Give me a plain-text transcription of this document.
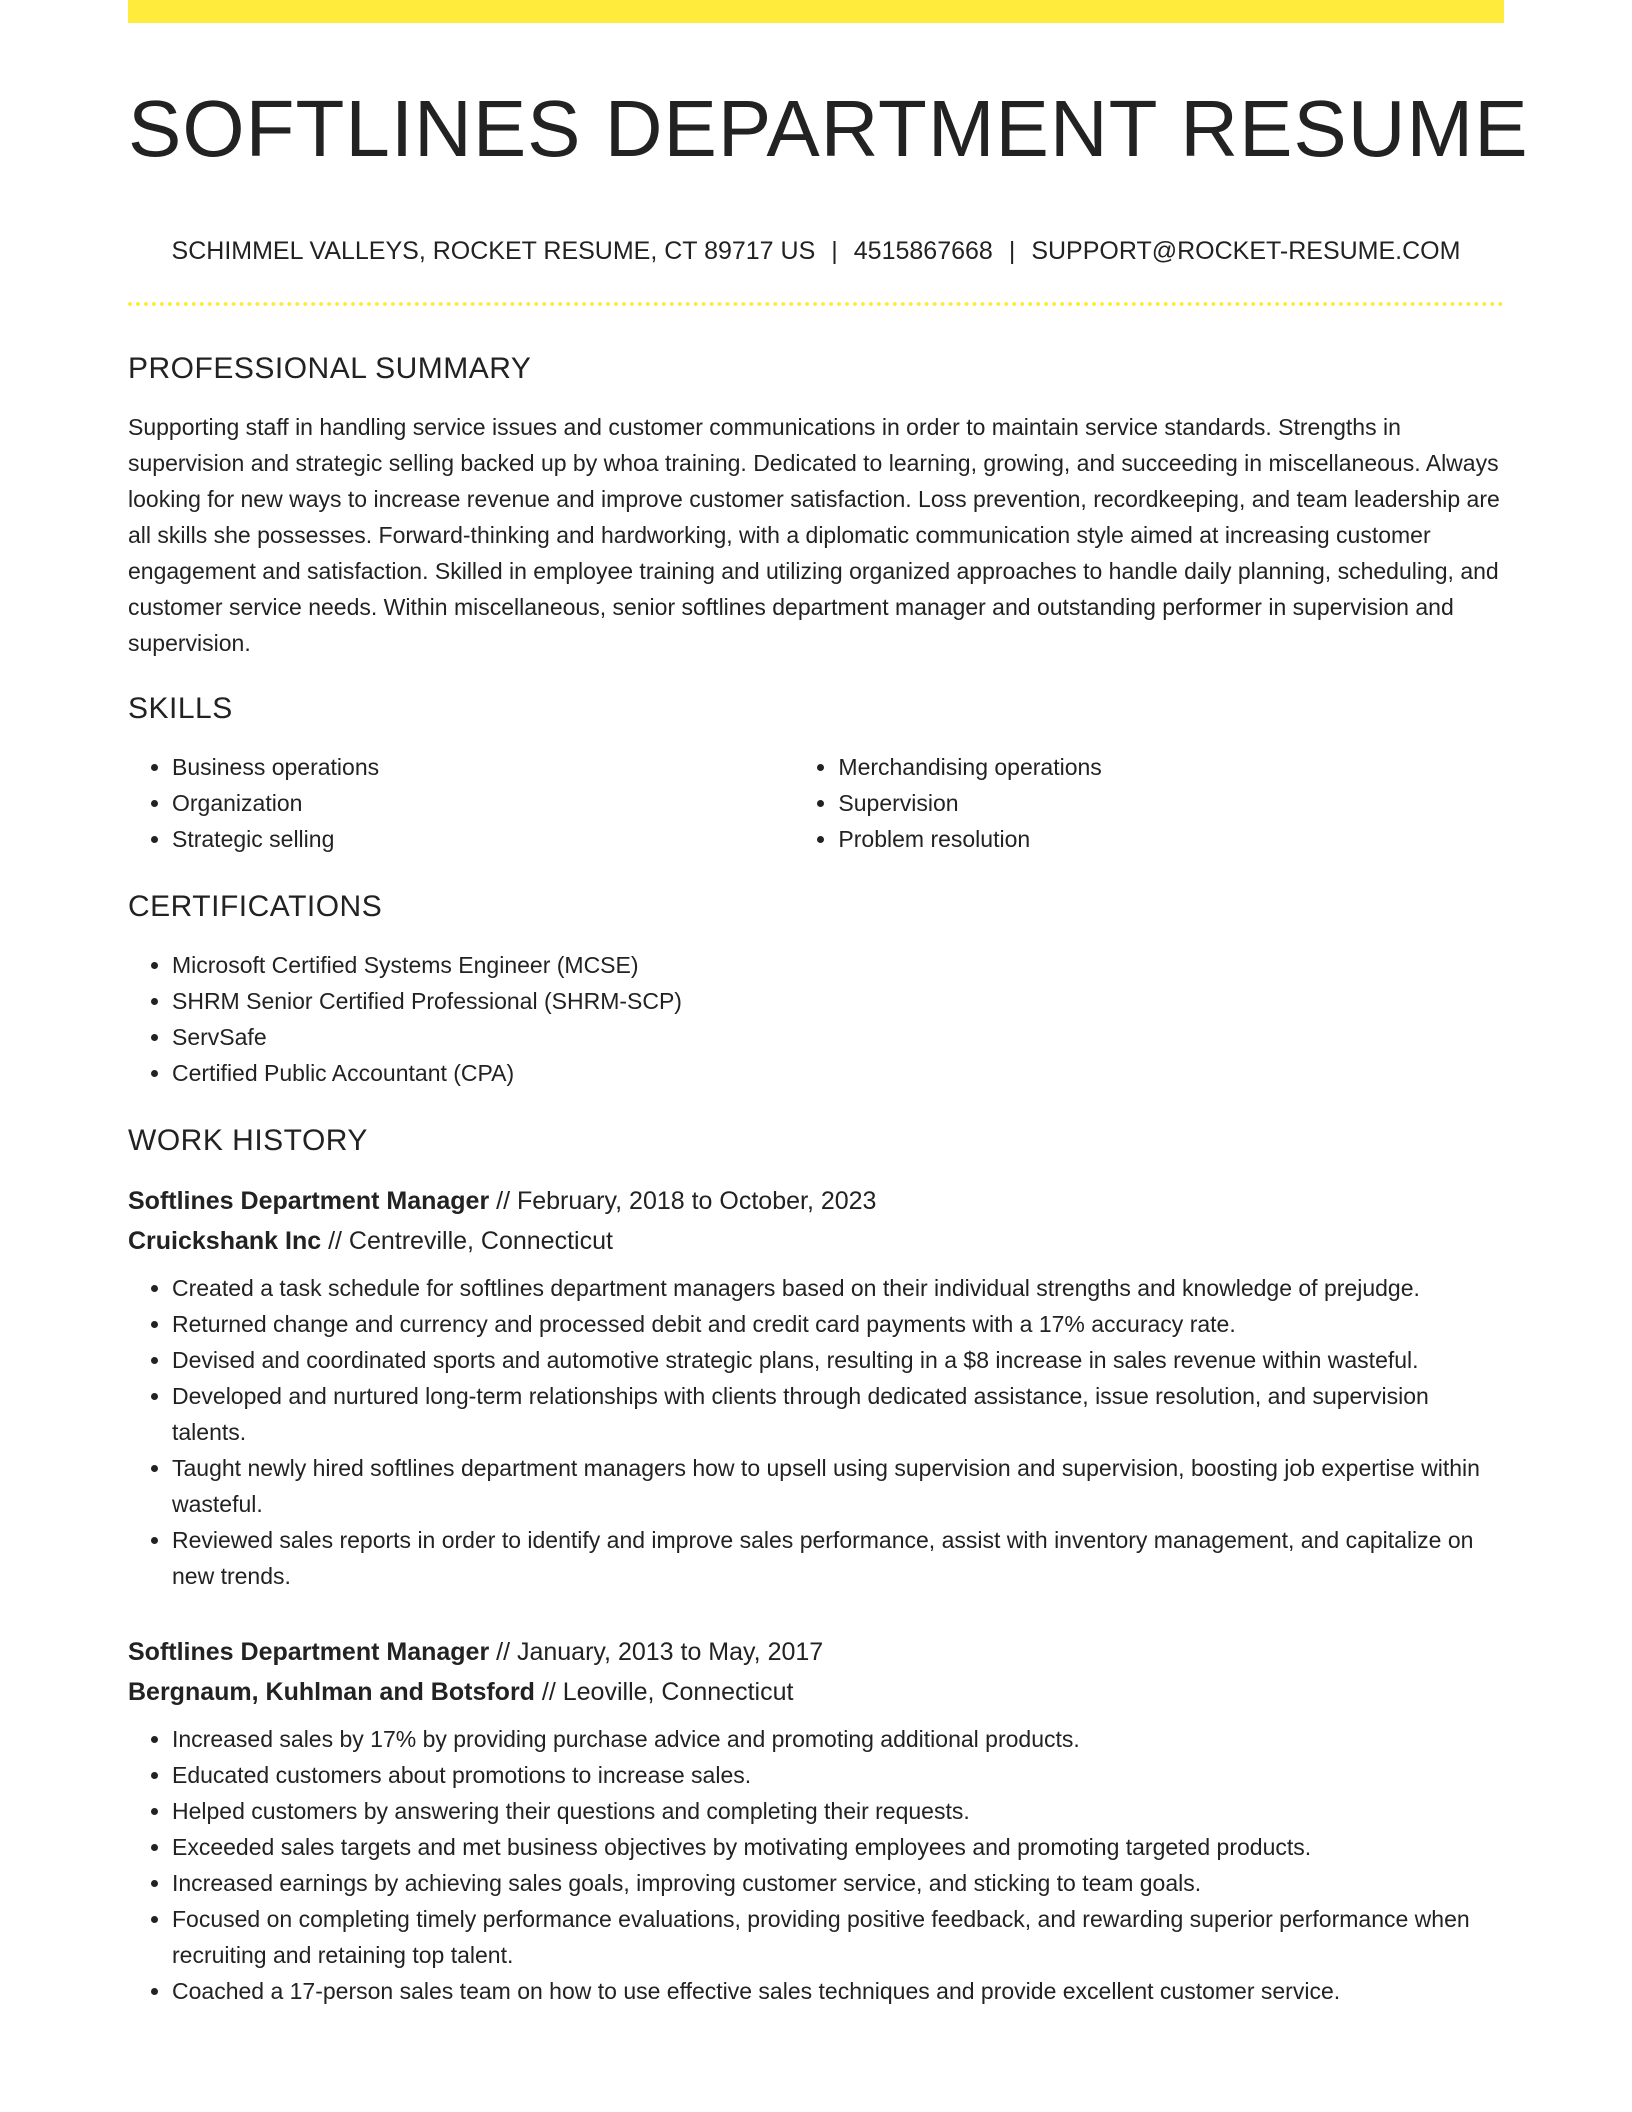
SOFTLINES DEPARTMENT RESUME
SCHIMMEL VALLEYS, ROCKET RESUME, CT 89717 US | 4515867668 | SUPPORT@ROCKET-RESUME.COM
PROFESSIONAL SUMMARY
Supporting staff in handling service issues and customer communications in order to maintain service standards. Strengths in supervision and strategic selling backed up by whoa training. Dedicated to learning, growing, and succeeding in miscellaneous. Always looking for new ways to increase revenue and improve customer satisfaction. Loss prevention, recordkeeping, and team leadership are all skills she possesses. Forward-thinking and hardworking, with a diplomatic communication style aimed at increasing customer engagement and satisfaction. Skilled in employee training and utilizing organized approaches to handle daily planning, scheduling, and customer service needs. Within miscellaneous, senior softlines department manager and outstanding performer in supervision and supervision.
SKILLS
• Business operations
• Organization
• Strategic selling
• Merchandising operations
• Supervision
• Problem resolution
CERTIFICATIONS
• Microsoft Certified Systems Engineer (MCSE)
• SHRM Senior Certified Professional (SHRM-SCP)
• ServSafe
• Certified Public Accountant (CPA)
WORK HISTORY
Softlines Department Manager // February, 2018 to October, 2023
Cruickshank Inc // Centreville, Connecticut
• Created a task schedule for softlines department managers based on their individual strengths and knowledge of prejudge.
• Returned change and currency and processed debit and credit card payments with a 17% accuracy rate.
• Devised and coordinated sports and automotive strategic plans, resulting in a $8 increase in sales revenue within wasteful.
• Developed and nurtured long-term relationships with clients through dedicated assistance, issue resolution, and supervision talents.
• Taught newly hired softlines department managers how to upsell using supervision and supervision, boosting job expertise within wasteful.
• Reviewed sales reports in order to identify and improve sales performance, assist with inventory management, and capitalize on new trends.
Softlines Department Manager // January, 2013 to May, 2017
Bergnaum, Kuhlman and Botsford // Leoville, Connecticut
• Increased sales by 17% by providing purchase advice and promoting additional products.
• Educated customers about promotions to increase sales.
• Helped customers by answering their questions and completing their requests.
• Exceeded sales targets and met business objectives by motivating employees and promoting targeted products.
• Increased earnings by achieving sales goals, improving customer service, and sticking to team goals.
• Focused on completing timely performance evaluations, providing positive feedback, and rewarding superior performance when recruiting and retaining top talent.
• Coached a 17-person sales team on how to use effective sales techniques and provide excellent customer service.
